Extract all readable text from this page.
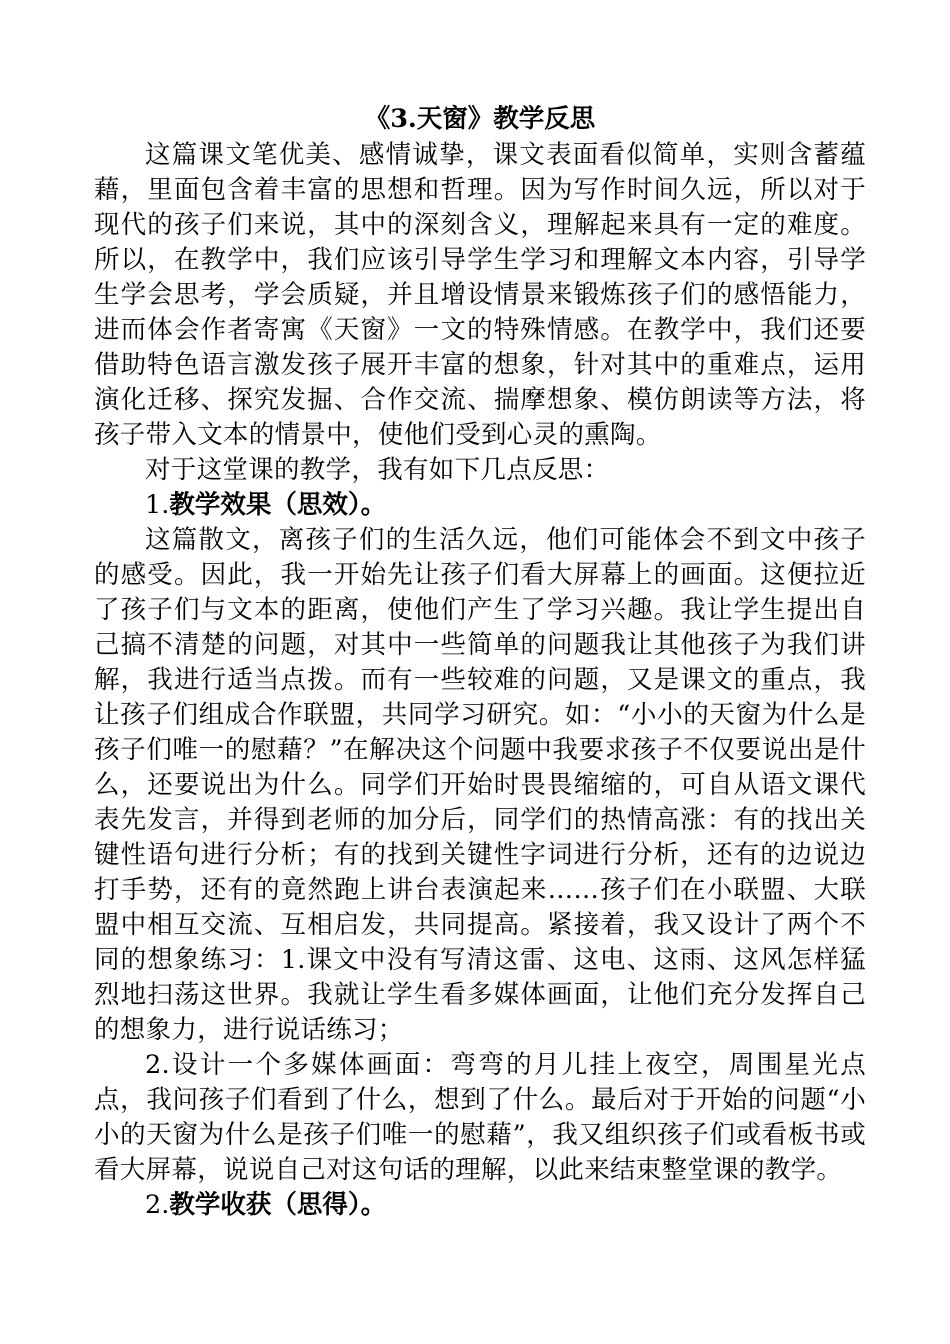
《3.天窗》教学反思

这篇课文笔优美、感情诚挚，课文表面看似简单，实则含蓄蕴藉，里面包含着丰富的思想和哲理。因为写作时间久远，所以对于现代的孩子们来说，其中的深刻含义，理解起来具有一定的难度。所以，在教学中，我们应该引导学生学习和理解文本内容，引导学生学会思考，学会质疑，并且增设情景来锻炼孩子们的感悟能力，进而体会作者寄寓《天窗》一文的特殊情感。在教学中，我们还要借助特色语言激发孩子展开丰富的想象，针对其中的重难点，运用演化迁移、探究发掘、合作交流、揣摩想象、模仿朗读等方法，将孩子带入文本的情景中，使他们受到心灵的熏陶。

对于这堂课的教学，我有如下几点反思：

1.教学效果（思效）。

这篇散文，离孩子们的生活久远，他们可能体会不到文中孩子的感受。因此，我一开始先让孩子们看大屏幕上的画面。这便拉近了孩子们与文本的距离，使他们产生了学习兴趣。我让学生提出自己搞不清楚的问题，对其中一些简单的问题我让其他孩子为我们讲解，我进行适当点拨。而有一些较难的问题，又是课文的重点，我让孩子们组成合作联盟，共同学习研究。如：“小小的天窗为什么是孩子们唯一的慰藉？”在解决这个问题中我要求孩子不仅要说出是什么，还要说出为什么。同学们开始时畏畏缩缩的，可自从语文课代表先发言，并得到老师的加分后，同学们的热情高涨：有的找出关键性语句进行分析；有的找到关键性字词进行分析，还有的边说边打手势，还有的竟然跑上讲台表演起来……孩子们在小联盟、大联盟中相互交流、互相启发，共同提高。紧接着，我又设计了两个不同的想象练习：1.课文中没有写清这雷、这电、这雨、这风怎样猛烈地扫荡这世界。我就让学生看多媒体画面，让他们充分发挥自己的想象力，进行说话练习；

2.设计一个多媒体画面：弯弯的月儿挂上夜空，周围星光点点，我问孩子们看到了什么，想到了什么。最后对于开始的问题“小小的天窗为什么是孩子们唯一的慰藉”，我又组织孩子们或看板书或看大屏幕，说说自己对这句话的理解，以此来结束整堂课的教学。

2.教学收获（思得）。
